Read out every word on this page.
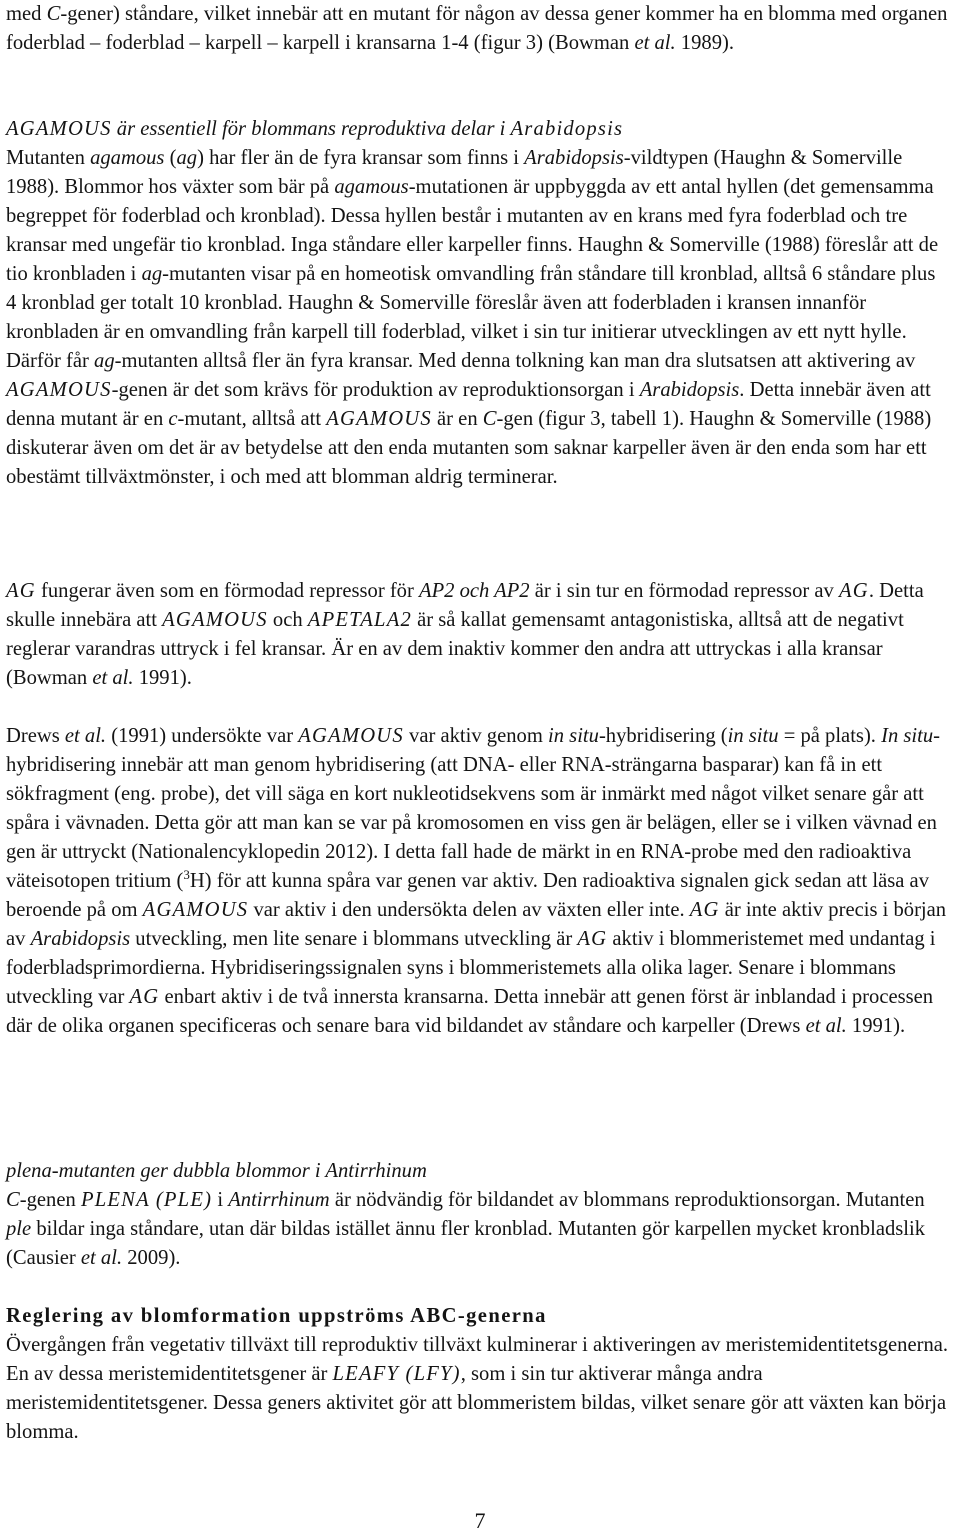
med C-gener) ståndare, vilket innebär att en mutant för någon av dessa gener kommer ha en blomma med organen foderblad – foderblad – karpell – karpell i kransarna 1-4 (figur 3) (Bowman et al. 1989).

AGAMOUS är essentiell för blommans reproduktiva delar i Arabidopsis

Mutanten agamous (ag) har fler än de fyra kransar som finns i Arabidopsis-vildtypen (Haughn & Somerville 1988). Blommor hos växter som bär på agamous-mutationen är uppbyggda av ett antal hyllen (det gemensamma begreppet för foderblad och kronblad). Dessa hyllen består i mutanten av en krans med fyra foderblad och tre kransar med ungefär tio kronblad. Inga ståndare eller karpeller finns. Haughn & Somerville (1988) föreslår att de tio kronbladen i ag-mutanten visar på en homeotisk omvandling från ståndare till kronblad, alltså 6 ståndare plus 4 kronblad ger totalt 10 kronblad. Haughn & Somerville föreslår även att foderbladen i kransen innanför kronbladen är en omvandling från karpell till foderblad, vilket i sin tur initierar utvecklingen av ett nytt hylle. Därför får ag-mutanten alltså fler än fyra kransar. Med denna tolkning kan man dra slutsatsen att aktivering av AGAMOUS-genen är det som krävs för produktion av reproduktionsorgan i Arabidopsis. Detta innebär även att denna mutant är en c-mutant, alltså att AGAMOUS är en C-gen (figur 3, tabell 1). Haughn & Somerville (1988) diskuterar även om det är av betydelse att den enda mutanten som saknar karpeller även är den enda som har ett obestämt tillväxtmönster, i och med att blomman aldrig terminerar.

AG fungerar även som en förmodad repressor för AP2 och AP2 är i sin tur en förmodad repressor av AG. Detta skulle innebära att AGAMOUS och APETALA2 är så kallat gemensamt antagonistiska, alltså att de negativt reglerar varandras uttryck i fel kransar. Är en av dem inaktiv kommer den andra att uttryckas i alla kransar (Bowman et al. 1991).

Drews et al. (1991) undersökte var AGAMOUS var aktiv genom in situ-hybridisering (in situ = på plats). In situ-hybridisering innebär att man genom hybridisering (att DNA- eller RNA-strängarna basparar) kan få in ett sökfragment (eng. probe), det vill säga en kort nukleotidsekvens som är inmärkt med något vilket senare går att spåra i vävnaden. Detta gör att man kan se var på kromosomen en viss gen är belägen, eller se i vilken vävnad en gen är uttryckt (Nationalencyklopedin 2012). I detta fall hade de märkt in en RNA-probe med den radioaktiva väteisotopen tritium ($^3$H) för att kunna spåra var genen var aktiv. Den radioaktiva signalen gick sedan att läsa av beroende på om AGAMOUS var aktiv i den undersökta delen av växten eller inte. AG är inte aktiv precis i början av Arabidopsis utveckling, men lite senare i blommans utveckling är AG aktiv i blommeristemet med undantag i foderbladsprimordierna. Hybridiseringssignalen syns i blommeristemets alla olika lager. Senare i blommans utveckling var AG enbart aktiv i de två innersta kransarna. Detta innebär att genen först är inblandad i processen där de olika organen specificeras och senare bara vid bildandet av ståndare och karpeller (Drews et al. 1991).

plena-mutanten ger dubbla blommor i Antirrhinum

C-genen PLENA (PLE) i Antirrhinum är nödvändig för bildandet av blommans reproduktionsorgan. Mutanten ple bildar inga ståndare, utan där bildas istället ännu fler kronblad. Mutanten gör karpellen mycket kronbladslik (Causier et al. 2009).

Reglering av blomformation uppströms ABC-generna

Övergången från vegetativ tillväxt till reproduktiv tillväxt kulminerar i aktiveringen av meristemidentitetsgenerna. En av dessa meristemidentitetsgener är LEAFY (LFY), som i sin tur aktiverar många andra meristemidentitetsgener. Dessa geners aktivitet gör att blommeristem bildas, vilket senare gör att växten kan börja blomma.

7
